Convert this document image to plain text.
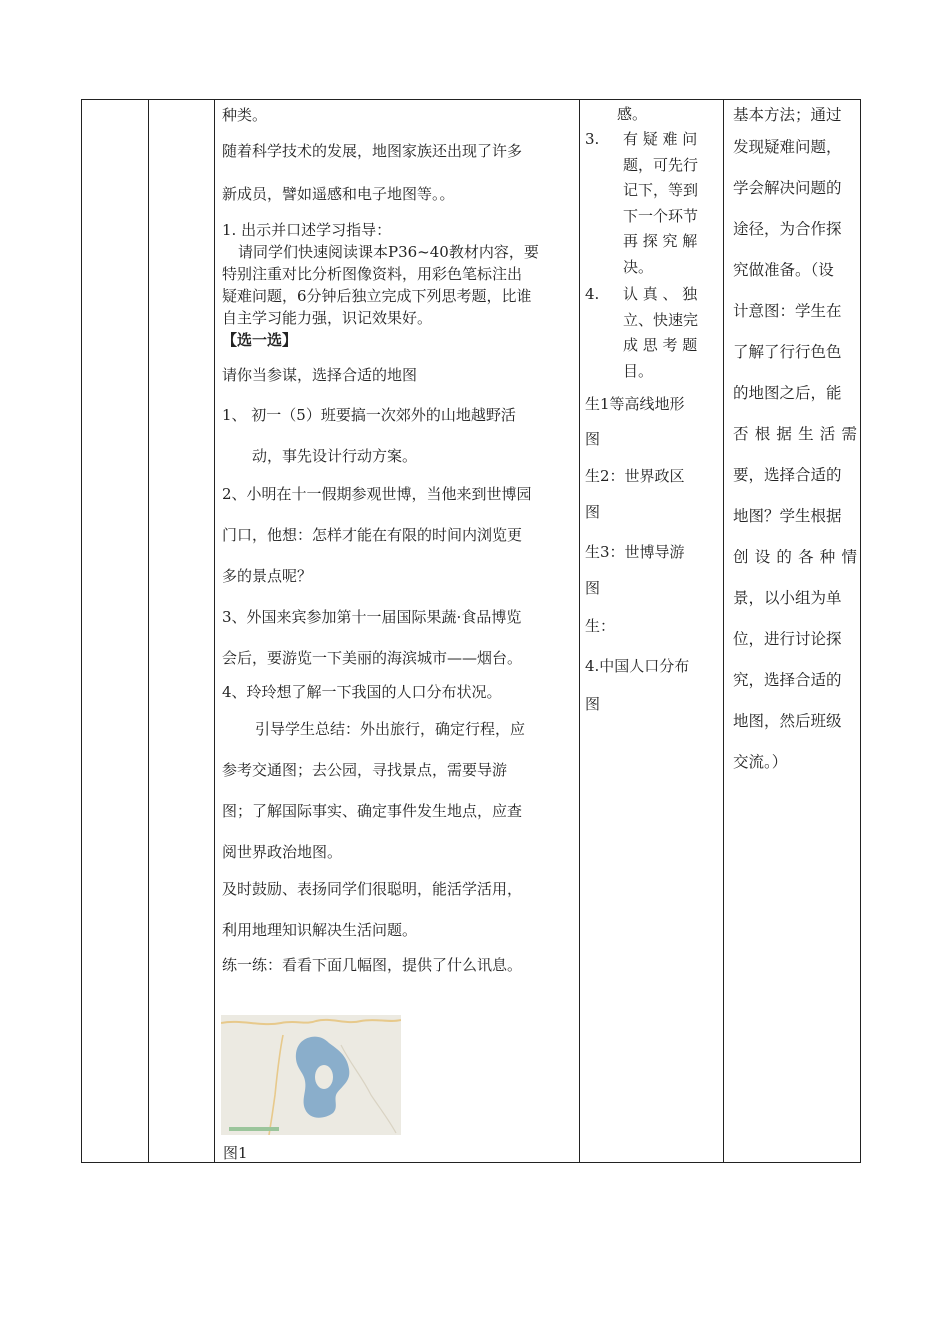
种类。

随着科学技术的发展，地图家族还出现了许多

新成员，譬如遥感和电子地图等。。

1. 出示并口述学习指导：

请同学们快速阅读课本P36~40教材内容，要

特别注重对比分析图像资料，用彩色笔标注出

疑难问题，6分钟后独立完成下列思考题，比谁

自主学习能力强，识记效果好。

【选一选】

请你当参谋，选择合适的地图

1、 初一（5）班要搞一次郊外的山地越野活

动，事先设计行动方案。

2、小明在十一假期参观世博，当他来到世博园

门口，他想：怎样才能在有限的时间内浏览更

多的景点呢？

3、外国来宾参加第十一届国际果蔬·食品博览

会后，要游览一下美丽的海滨城市——烟台。

4、玲玲想了解一下我国的人口分布状况。

引导学生总结：外出旅行，确定行程，应

参考交通图；去公园，寻找景点，需要导游

图；了解国际事实、确定事件发生地点，应查

阅世界政治地图。

及时鼓励、表扬同学们很聪明，能活学活用，

利用地理知识解决生活问题。

练一练：看看下面几幅图，提供了什么讯息。

图1

感。

3.	有 疑 难 问

题，可先行

记下，等到

下一个环节

再 探 究 解

决。

4.	认 真 、 独

立、快速完

成 思 考 题

目。

生1等高线地形

图

生2：世界政区

图

生3：世博导游

图

生：

4.中国人口分布

图

基本方法；通过

发现疑难问题，

学会解决问题的

途径，为合作探

究做准备。（设

计意图：学生在

了解了行行色色

的地图之后，能

否根据生活需

要，选择合适的

地图？学生根据

创设的各种情

景，以小组为单

位，进行讨论探

究，选择合适的

地图，然后班级

交流。）
